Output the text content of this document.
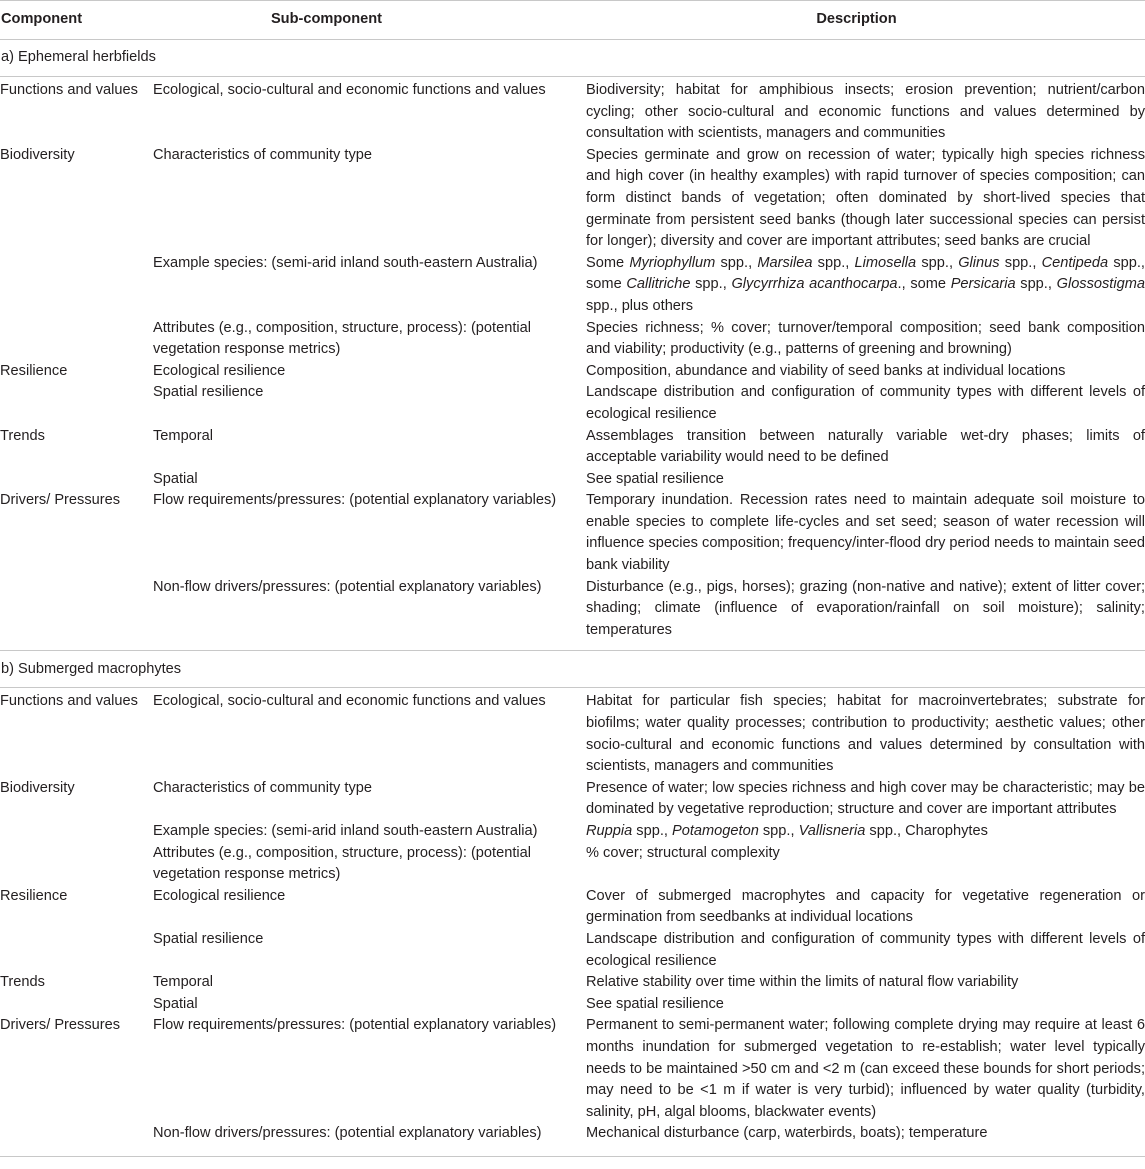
Component	Sub-component	Description
a) Ephemeral herbfields		

Functions and values	Ecological, socio-cultural and economic functions and values	Biodiversity; habitat for amphibious insects; erosion prevention; nutrient/carbon cycling; other socio-cultural and economic functions and values determined by consultation with scientists, managers and communities
Biodiversity	Characteristics of community type	Species germinate and grow on recession of water; typically high species richness and high cover (in healthy examples) with rapid turnover of species composition; can form distinct bands of vegetation; often dominated by short-lived species that germinate from persistent seed banks (though later successional species can persist for longer); diversity and cover are important attributes; seed banks are crucial
	Example species: (semi-arid inland south-eastern Australia)	Some Myriophyllum spp., Marsilea spp., Limosella spp., Glinus spp., Centipeda spp., some Callitriche spp., Glycyrrhiza acanthocarpa., some Persicaria spp., Glossostigma spp., plus others
	Attributes (e.g., composition, structure, process): (potential vegetation response metrics)	Species richness; % cover; turnover/temporal composition; seed bank composition and viability; productivity (e.g., patterns of greening and browning)
Resilience	Ecological resilience	Composition, abundance and viability of seed banks at individual locations
	Spatial resilience	Landscape distribution and configuration of community types with different levels of ecological resilience
Trends	Temporal	Assemblages transition between naturally variable wet-dry phases; limits of acceptable variability would need to be defined
	Spatial	See spatial resilience
Drivers/ Pressures	Flow requirements/pressures: (potential explanatory variables)	Temporary inundation. Recession rates need to maintain adequate soil moisture to enable species to complete life-cycles and set seed; season of water recession will influence species composition; frequency/inter-flood dry period needs to maintain seed bank viability
	Non-flow drivers/pressures: (potential explanatory variables)	Disturbance (e.g., pigs, horses); grazing (non-native and native); extent of litter cover; shading; climate (influence of evaporation/rainfall on soil moisture); salinity; temperatures

b) Submerged macrophytes		

Functions and values	Ecological, socio-cultural and economic functions and values	Habitat for particular fish species; habitat for macroinvertebrates; substrate for biofilms; water quality processes; contribution to productivity; aesthetic values; other socio-cultural and economic functions and values determined by consultation with scientists, managers and communities
Biodiversity	Characteristics of community type	Presence of water; low species richness and high cover may be characteristic; may be dominated by vegetative reproduction; structure and cover are important attributes
	Example species: (semi-arid inland south-eastern Australia)	Ruppia spp., Potamogeton spp., Vallisneria spp., Charophytes
	Attributes (e.g., composition, structure, process): (potential vegetation response metrics)	% cover; structural complexity
Resilience	Ecological resilience	Cover of submerged macrophytes and capacity for vegetative regeneration or germination from seedbanks at individual locations
	Spatial resilience	Landscape distribution and configuration of community types with different levels of ecological resilience
Trends	Temporal	Relative stability over time within the limits of natural flow variability
	Spatial	See spatial resilience
Drivers/ Pressures	Flow requirements/pressures: (potential explanatory variables)	Permanent to semi-permanent water; following complete drying may require at least 6 months inundation for submerged vegetation to re-establish; water level typically needs to be maintained >50 cm and <2 m (can exceed these bounds for short periods; may need to be <1 m if water is very turbid); influenced by water quality (turbidity, salinity, pH, algal blooms, blackwater events)
	Non-flow drivers/pressures: (potential explanatory variables)	Mechanical disturbance (carp, waterbirds, boats); temperature
